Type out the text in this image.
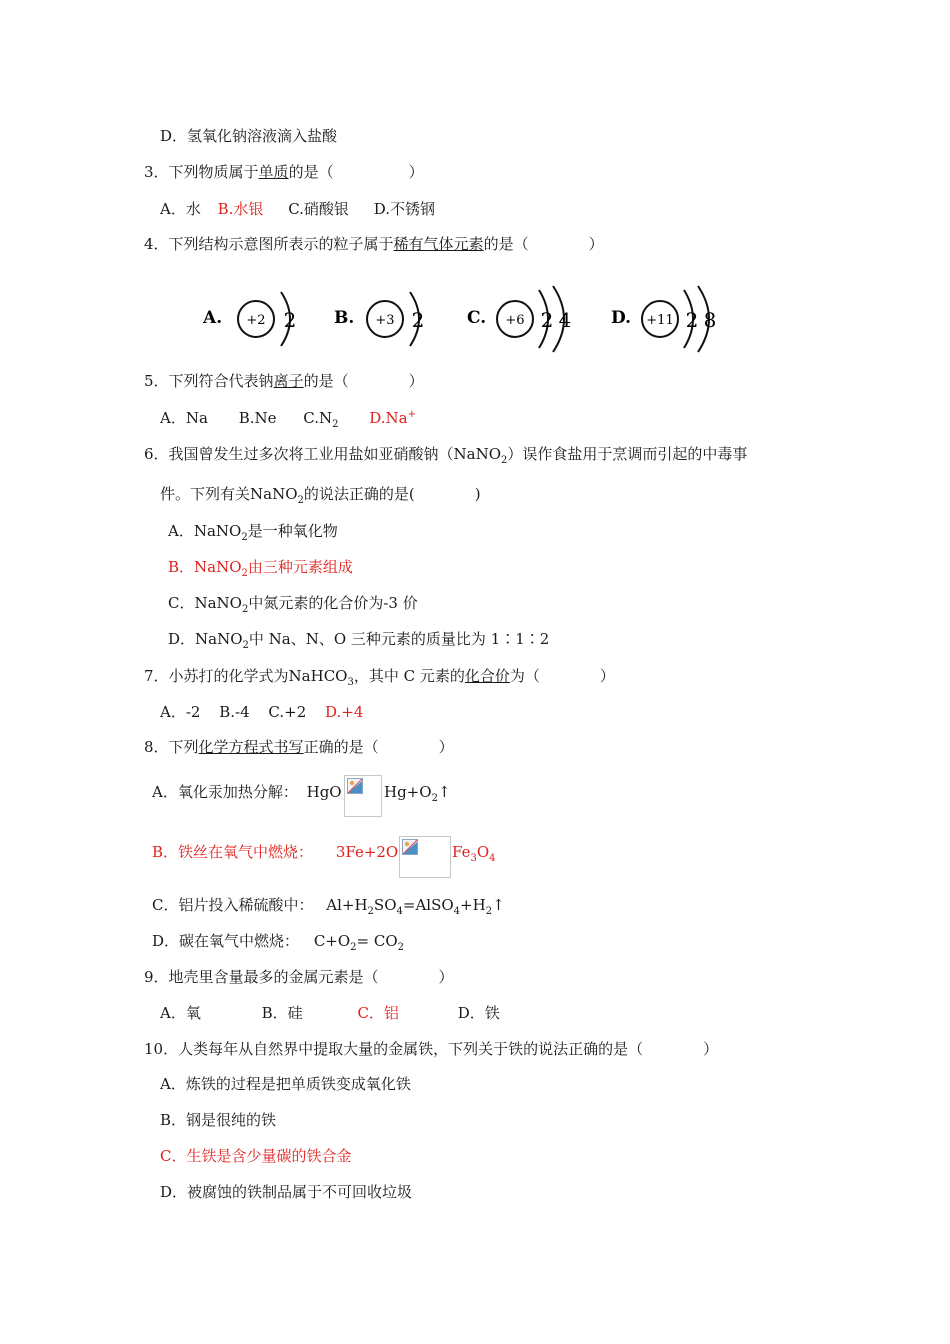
D．氢氧化钠溶液滴入盐酸
3．下列物质属于单质的是（　　　　　）
A．水 B.水银 C.硝酸银 D.不锈钢
4．下列结构示意图所表示的粒子属于稀有气体元素的是（　　　　）
A. +2 2 B. +3 2	C. +6 2 4 D. +11 2 8
5．下列符合代表钠离子的是（　　　　）
A．Na B.Ne $C.N_2$ D.Na+
6．我国曾发生过多次将工业用盐如亚硝酸钠（NaNO$_2$）误作食盐用于烹调而引起的中毒事
件。下列有关NaNO$_2$的说法正确的是(　　　　)
A．NaNO$_2$是一种氧化物
B．NaNO$_2$由三种元素组成
C．NaNO$_2$中氮元素的化合价为-3 价
D．NaNO$_2$中 Na、N、O 三种元素的质量比为 1∶1∶2
7．小苏打的化学式为NaHCO$_3$，其中 C 元素的化合价为（　　　　）
A．-2 B.-4 C.+2 D.+4
8．下列化学方程式书写正确的是（　　　　）
A．氧化汞加热分解： HgO	$Hg+O_2↑$
B．铁丝在氧气中燃烧： 3Fe+2O	$Fe_3O_4$
C．铝片投入稀硫酸中： $Al+H_2SO_4=AlSO_4+H_2↑$
D．碳在氧气中燃烧： $C+O_2= CO_2$
9．地壳里含量最多的金属元素是（　　　　）
A．氧	B．硅	C．铝	D．铁
10．人类每年从自然界中提取大量的金属铁，下列关于铁的说法正确的是（　　　　）
A．炼铁的过程是把单质铁变成氧化铁
B．钢是很纯的铁
C．生铁是含少量碳的铁合金
D．被腐蚀的铁制品属于不可回收垃圾
